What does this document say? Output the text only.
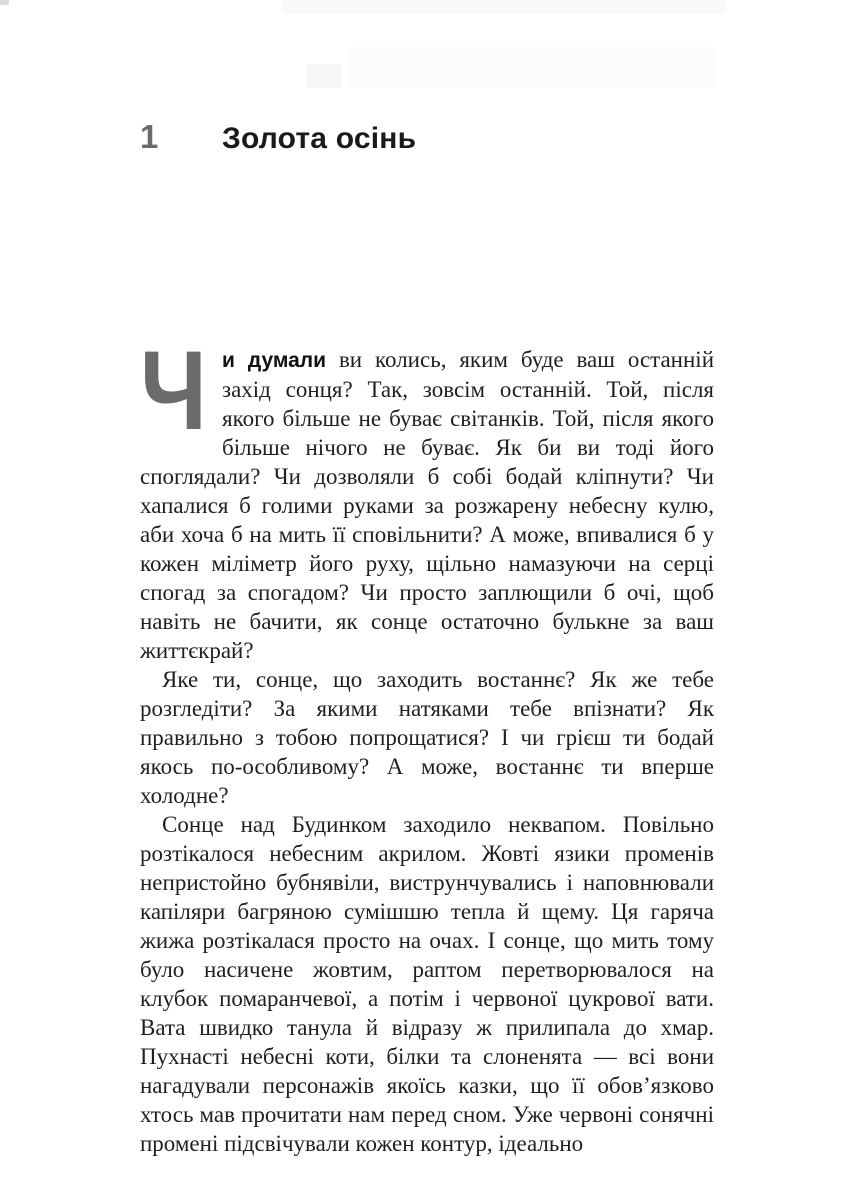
1	Золота осінь

Ч и думали ви колись, яким буде ваш останній захід сонця? Так, зовсім останній. Той, після якого більше не буває світанків. Той, після якого більше нічого не буває. Як би ви тоді його споглядали? Чи дозволяли б собі бодай кліпнути? Чи хапалися б голими руками за розжарену небесну кулю, аби хоча б на мить її сповільнити? А може, впивалися б у кожен міліметр його руху, щільно намазуючи на серці спогад за спогадом? Чи просто заплющили б очі, щоб навіть не бачити, як сонце остаточно булькне за ваш життєкрай?

Яке ти, сонце, що заходить востаннє? Як же тебе розгледіти? За якими натяками тебе впізнати? Як правильно з тобою попрощатися? І чи грієш ти бодай якось по-особливому? А може, востаннє ти вперше холодне?

Сонце над Будинком заходило неквапом. Повільно розтікалося небесним акрилом. Жовті язики променів непристойно бубнявіли, виструнчувались і наповнювали капіляри багряною сумішшю тепла й щему. Ця гаряча жижа розтікалася просто на очах. І сонце, що мить тому було насичене жовтим, раптом перетворювалося на клубок помаранчевої, а потім і червоної цукрової вати. Вата швидко танула й відразу ж прилипала до хмар. Пухнасті небесні коти, білки та слоненята — всі вони нагадували персонажів якоїсь казки, що її обов’язково хтось мав прочитати нам перед сном. Уже червоні сонячні промені підсвічували кожен контур, ідеально
